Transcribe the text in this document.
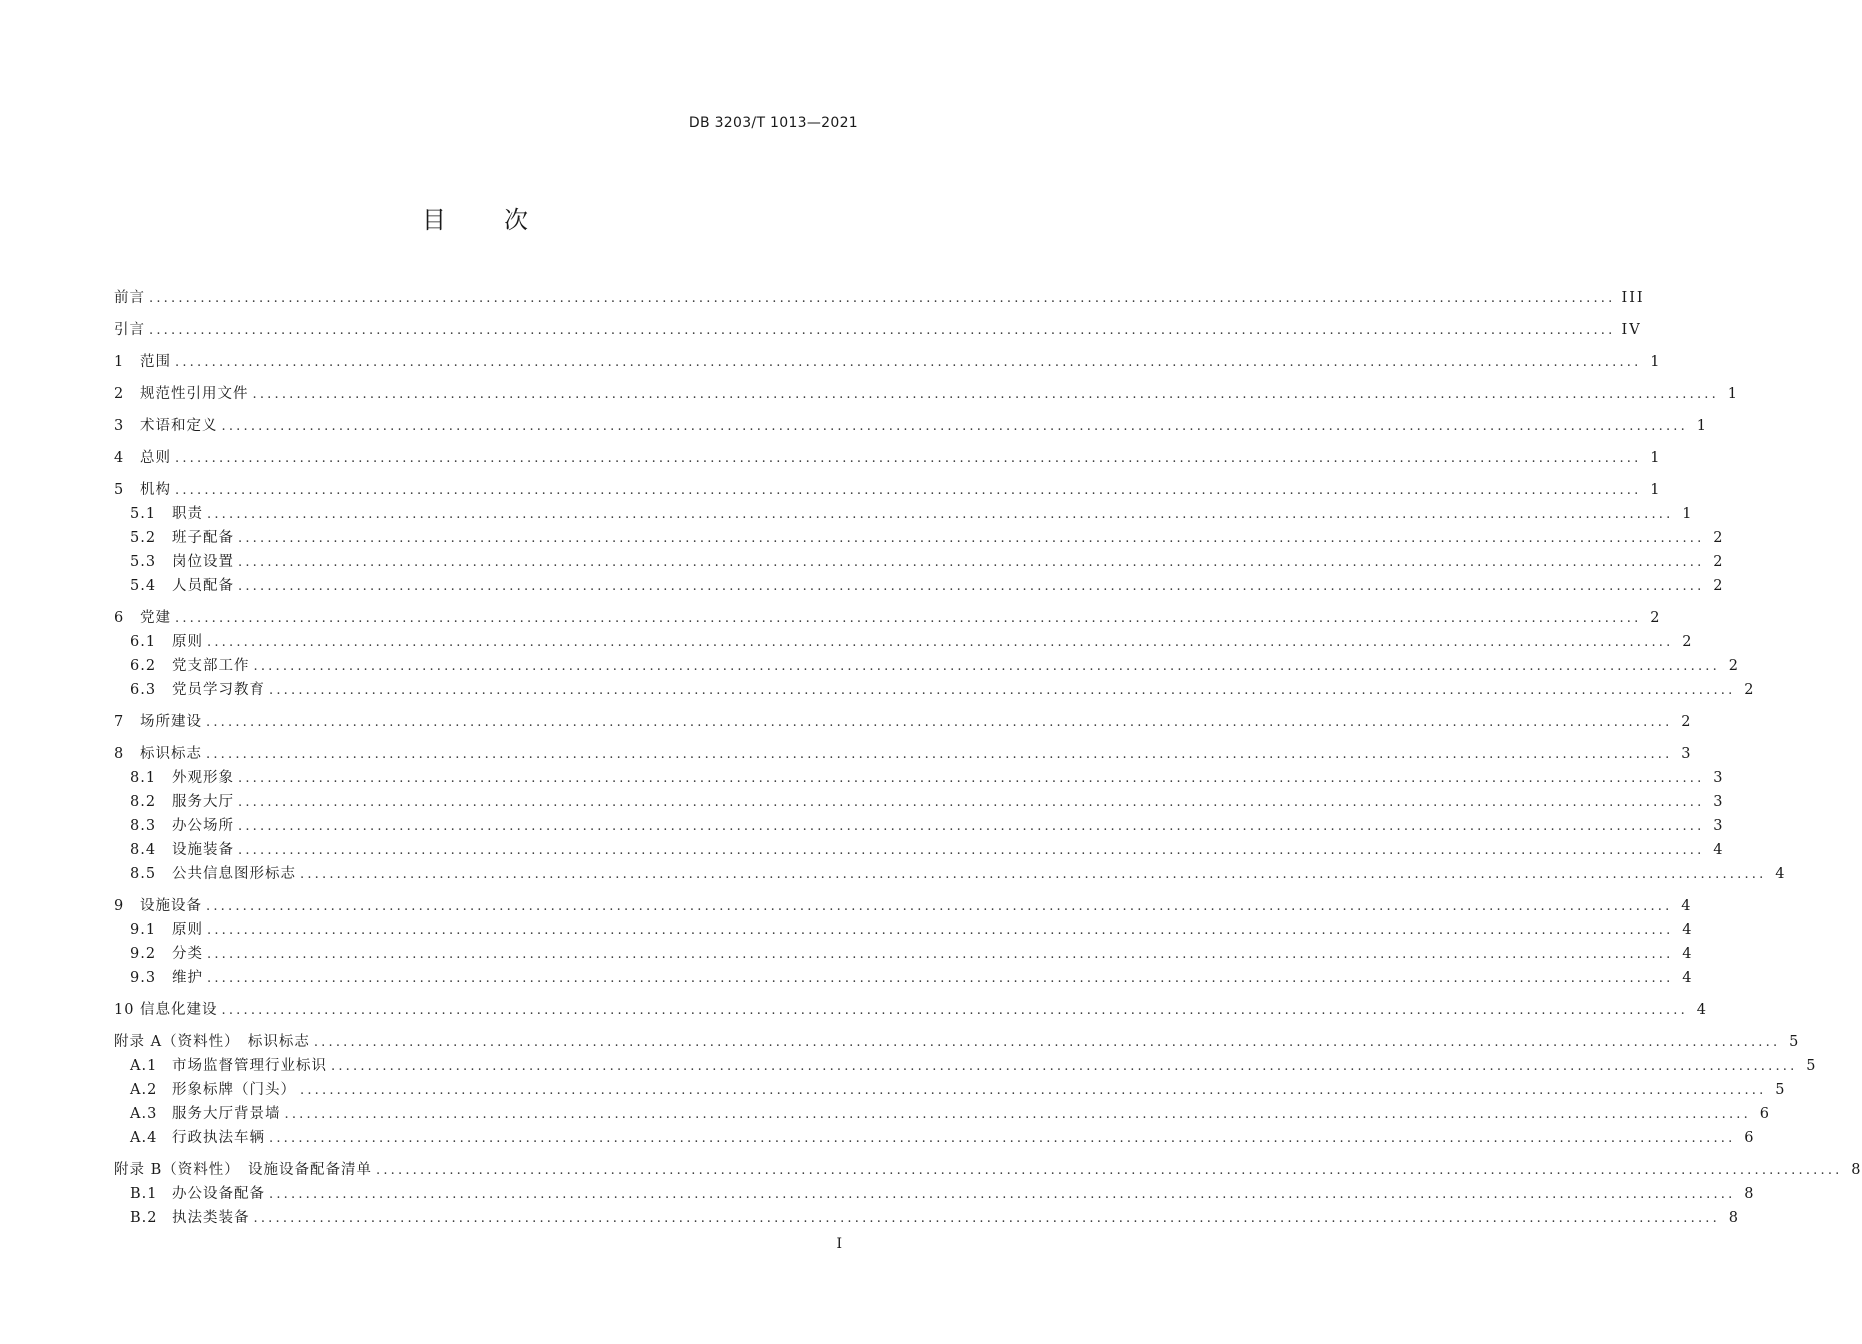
DB 3203/T 1013—2021
目 次
前言 ........................................................................................................................................................................................................ III
引言 ........................................................................................................................................................................................................ IV
1	范围 ........................................................................................................................................................................................................ 1
2	规范性引用文件 ........................................................................................................................................................................................................ 1
3	术语和定义 ........................................................................................................................................................................................................ 1
4	总则 ........................................................................................................................................................................................................ 1
5	机构 ........................................................................................................................................................................................................ 1
5.1	职责 ........................................................................................................................................................................................................ 1
5.2	班子配备 ........................................................................................................................................................................................................ 2
5.3	岗位设置 ........................................................................................................................................................................................................ 2
5.4	人员配备 ........................................................................................................................................................................................................ 2
6	党建 ........................................................................................................................................................................................................ 2
6.1	原则 ........................................................................................................................................................................................................ 2
6.2	党支部工作 ........................................................................................................................................................................................................ 2
6.3	党员学习教育 ........................................................................................................................................................................................................ 2
7	场所建设 ........................................................................................................................................................................................................ 2
8	标识标志 ........................................................................................................................................................................................................ 3
8.1	外观形象 ........................................................................................................................................................................................................ 3
8.2	服务大厅 ........................................................................................................................................................................................................ 3
8.3	办公场所 ........................................................................................................................................................................................................ 3
8.4	设施装备 ........................................................................................................................................................................................................ 4
8.5	公共信息图形标志 ........................................................................................................................................................................................................ 4
9	设施设备 ........................................................................................................................................................................................................ 4
9.1	原则 ........................................................................................................................................................................................................ 4
9.2	分类 ........................................................................................................................................................................................................ 4
9.3	维护 ........................................................................................................................................................................................................ 4
10 信息化建设 ........................................................................................................................................................................................................ 4
附录 A（资料性）　标识标志 ........................................................................................................................................................................................................ 5
A.1	市场监督管理行业标识 ........................................................................................................................................................................................................ 5
A.2	形象标牌（门头） ........................................................................................................................................................................................................ 5
A.3	服务大厅背景墙 ........................................................................................................................................................................................................ 6
A.4	行政执法车辆 ........................................................................................................................................................................................................ 6
附录 B（资料性）　设施设备配备清单 ........................................................................................................................................................................................................ 8
B.1	办公设备配备 ........................................................................................................................................................................................................ 8
B.2	执法类装备 ........................................................................................................................................................................................................ 8
I
